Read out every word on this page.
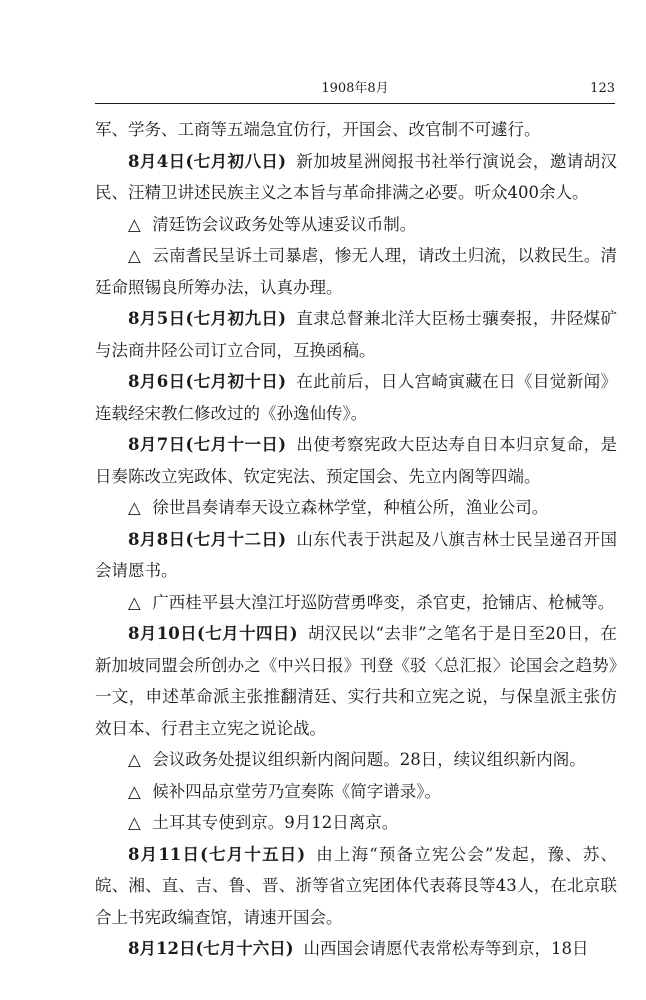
1908年8月	123

军、学务、工商等五端急宜仿行，开国会、改官制不可遽行。

8月4日(七月初八日) 新加坡星洲阅报书社举行演说会，邀请胡汉民、汪精卫讲述民族主义之本旨与革命排满之必要。听众400余人。

△ 清廷饬会议政务处等从速妥议币制。

△ 云南耆民呈诉土司暴虐，惨无人理，请改土归流，以救民生。清廷命照锡良所筹办法，认真办理。

8月5日(七月初九日) 直隶总督兼北洋大臣杨士骧奏报，井陉煤矿与法商井陉公司订立合同，互换函稿。

8月6日(七月初十日) 在此前后，日人宫崎寅藏在日《目觉新闻》连载经宋教仁修改过的《孙逸仙传》。

8月7日(七月十一日) 出使考察宪政大臣达寿自日本归京复命，是日奏陈改立宪政体、钦定宪法、预定国会、先立内阁等四端。

△ 徐世昌奏请奉天设立森林学堂，种植公所，渔业公司。

8月8日(七月十二日) 山东代表于洪起及八旗吉林士民呈递召开国会请愿书。

△ 广西桂平县大湟江圩巡防营勇哗变，杀官吏，抢铺店、枪械等。

8月10日(七月十四日) 胡汉民以“去非”之笔名于是日至20日，在新加坡同盟会所创办之《中兴日报》刊登《驳〈总汇报〉论国会之趋势》一文，申述革命派主张推翻清廷、实行共和立宪之说，与保皇派主张仿效日本、行君主立宪之说论战。

△ 会议政务处提议组织新内阁问题。28日，续议组织新内阁。

△ 候补四品京堂劳乃宣奏陈《简字谱录》。

△ 土耳其专使到京。9月12日离京。

8月11日(七月十五日) 由上海“预备立宪公会”发起，豫、苏、皖、湘、直、吉、鲁、晋、浙等省立宪团体代表蒋艮等43人，在北京联合上书宪政编查馆，请速开国会。

8月12日(七月十六日) 山西国会请愿代表常松寿等到京，18日
